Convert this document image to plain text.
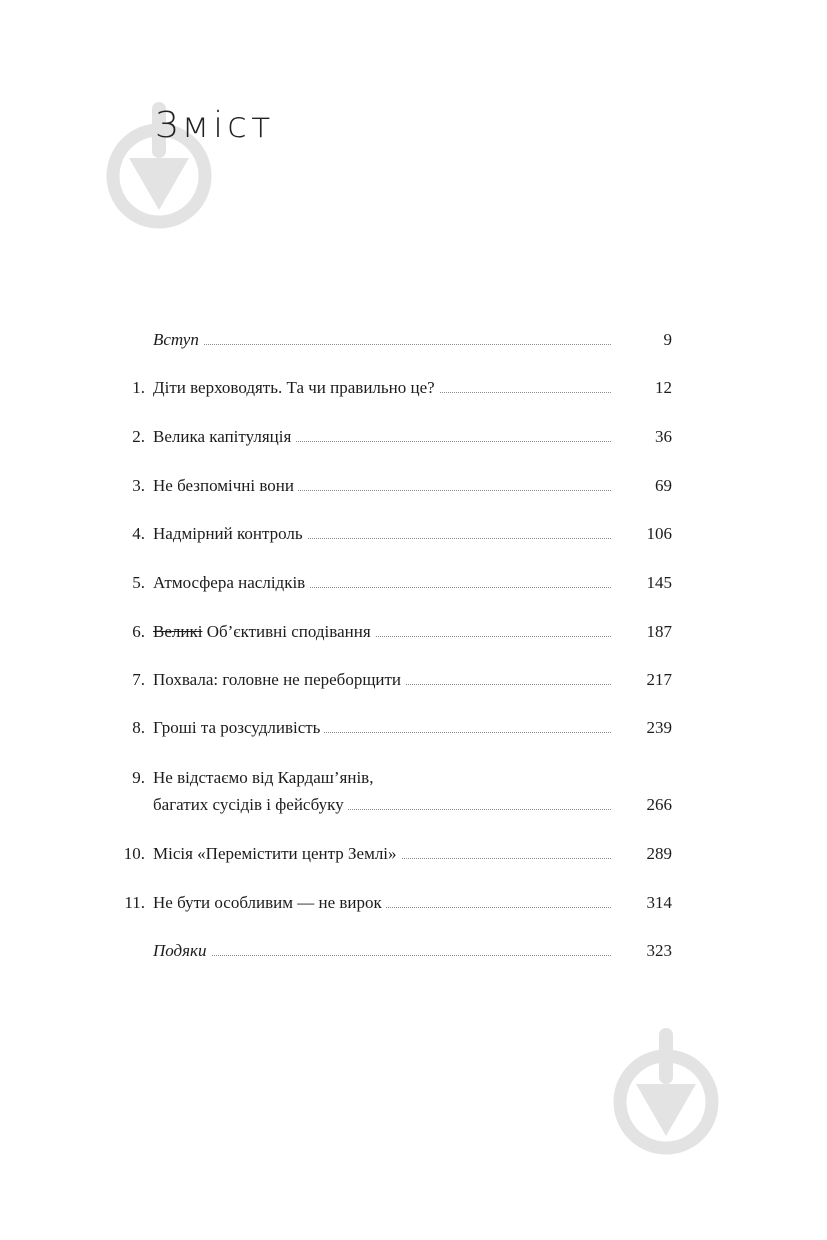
Зміст
Вступ	9
1. Діти верховодять. Та чи правильно це?	12
2. Велика капітуляція	36
3. Не безпомічні вони	69
4. Надмірний контроль	106
5. Атмосфера наслідків	145
6. Великі Об’єктивні сподівання	187
7. Похвала: головне не переборщити	217
8. Гроші та розсудливість	239
9. Не відстаємо від Кардаш’янів,
багатих сусідів і фейсбуку	266
10. Місія «Перемістити центр Землі»	289
11. Не бути особливим — не вирок	314
Подяки	323
